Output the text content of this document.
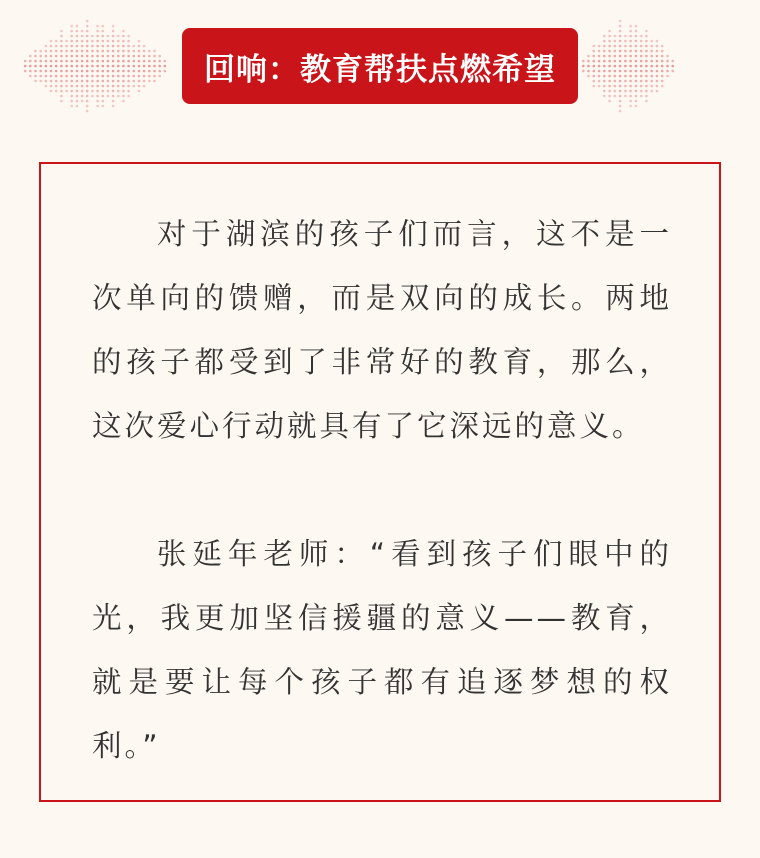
回响：教育帮扶点燃希望

对于湖滨的孩子们而言，这不是一次单向的馈赠，而是双向的成长。两地的孩子都受到了非常好的教育，那么，这次爱心行动就具有了它深远的意义。

张延年老师：“看到孩子们眼中的光，我更加坚信援疆的意义——教育，就是要让每个孩子都有追逐梦想的权利。”
